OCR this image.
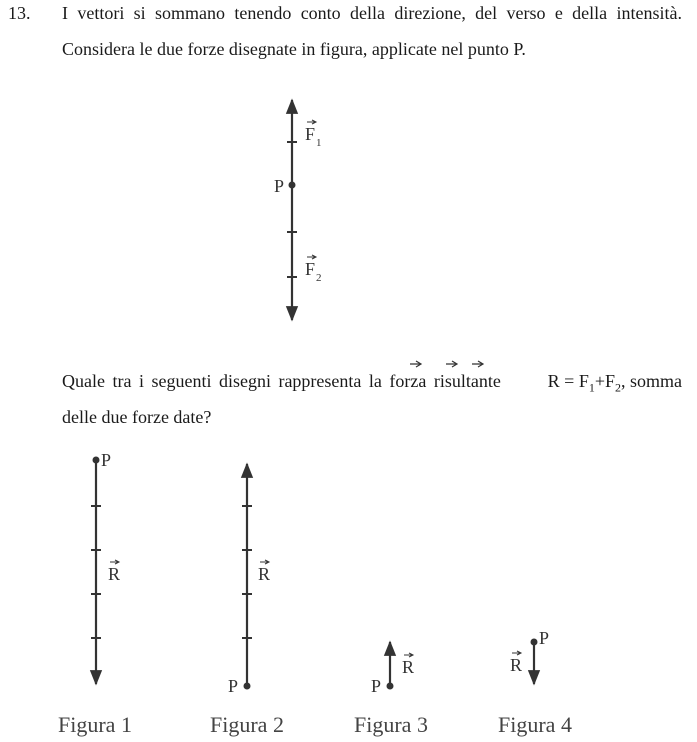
13. I vettori si sommano tenendo conto della direzione, del verso e della intensità.
Considera le due forze disegnate in figura, applicate nel punto P.
Quale tra i seguenti disegni rappresenta la forza risultante	$R = F_1+F_2$, somma
delle due forze date?
P
F 1
F 2
P
R
P
R
P
R
P
R
Figura 1	Figura 2	Figura 3	Figura 4
